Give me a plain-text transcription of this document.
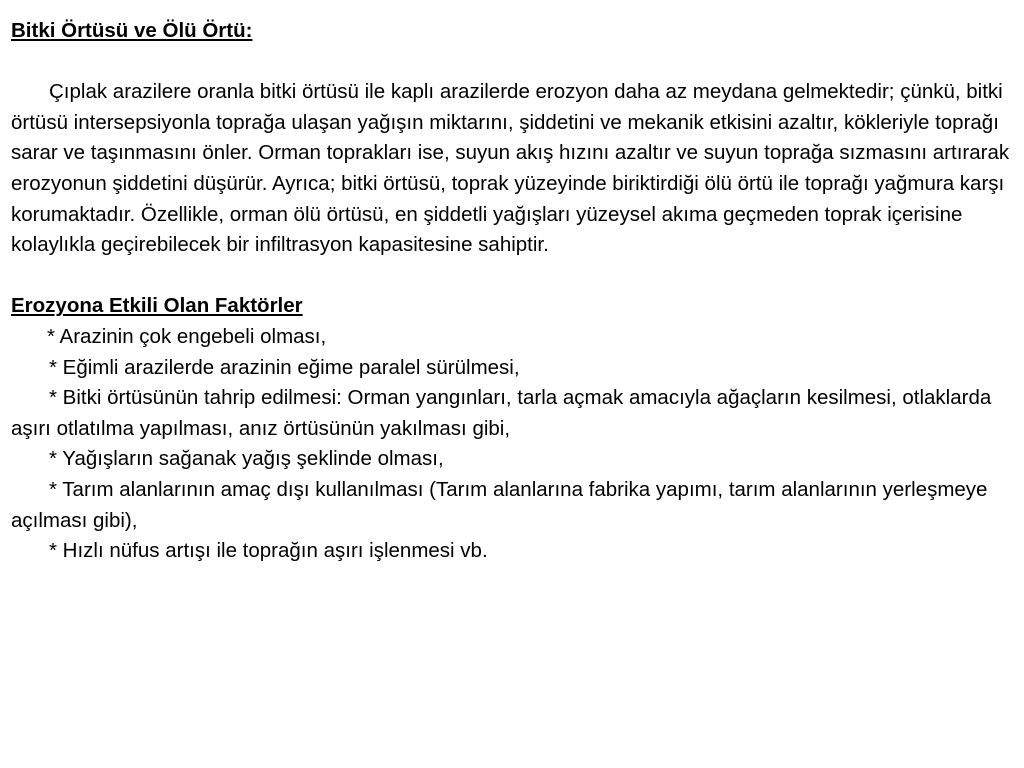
Bitki Örtüsü ve Ölü Örtü:

Çıplak arazilere oranla bitki örtüsü ile kaplı arazilerde erozyon daha az meydana gelmektedir; çünkü, bitki örtüsü intersepsiyonla toprağa ulaşan yağışın miktarını, şiddetini ve mekanik etkisini azaltır, kökleriyle toprağı sarar ve taşınmasını önler. Orman toprakları ise, suyun akış hızını azaltır ve suyun toprağa sızmasını artırarak erozyonun şiddetini düşürür. Ayrıca; bitki örtüsü, toprak yüzeyinde biriktirdiği ölü örtü ile toprağı yağmura karşı korumaktadır. Özellikle, orman ölü örtüsü, en şiddetli yağışları yüzeysel akıma geçmeden toprak içerisine kolaylıkla geçirebilecek bir infiltrasyon kapasitesine sahiptir.

Erozyona Etkili Olan Faktörler

* Arazinin çok engebeli olması,
* Eğimli arazilerde arazinin eğime paralel sürülmesi,
* Bitki örtüsünün tahrip edilmesi: Orman yangınları, tarla açmak amacıyla ağaçların kesilmesi, otlaklarda aşırı otlatılma yapılması, anız örtüsünün yakılması gibi,
* Yağışların sağanak yağış şeklinde olması,
* Tarım alanlarının amaç dışı kullanılması (Tarım alanlarına fabrika yapımı, tarım alanlarının yerleşmeye açılması gibi),
* Hızlı nüfus artışı ile toprağın aşırı işlenmesi vb.
